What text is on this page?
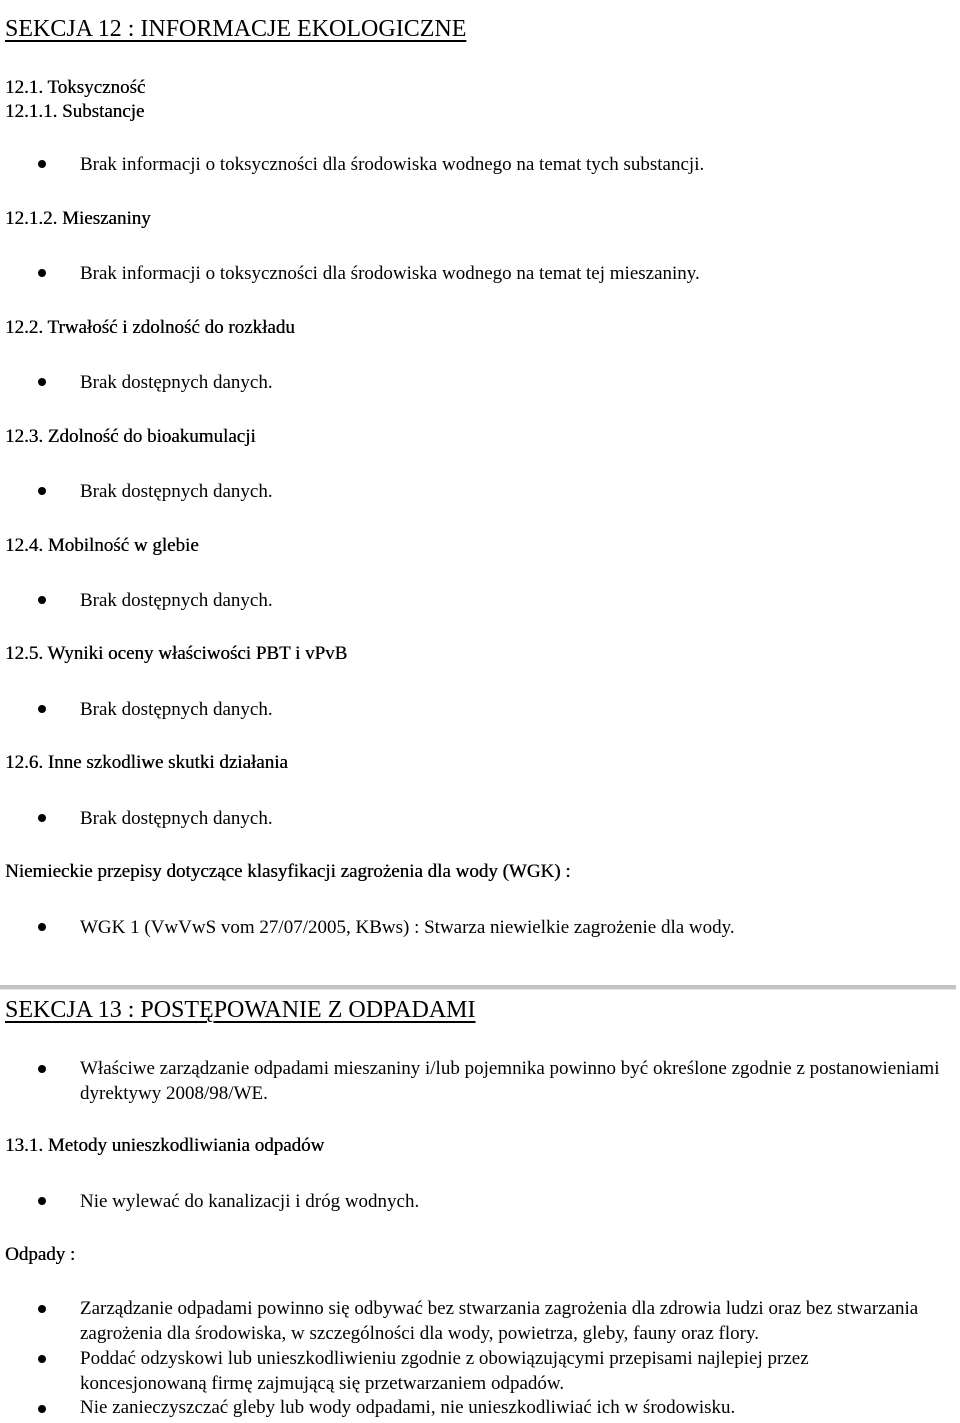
SEKCJA 12 : INFORMACJE EKOLOGICZNE
12.1. Toksyczność
12.1.1. Substancje
Brak informacji o toksyczności dla środowiska wodnego na temat tych substancji.
12.1.2. Mieszaniny
Brak informacji o toksyczności dla środowiska wodnego na temat tej mieszaniny.
12.2. Trwałość i zdolność do rozkładu
Brak dostępnych danych.
12.3. Zdolność do bioakumulacji
Brak dostępnych danych.
12.4. Mobilność w glebie
Brak dostępnych danych.
12.5. Wyniki oceny właściwości PBT i vPvB
Brak dostępnych danych.
12.6. Inne szkodliwe skutki działania
Brak dostępnych danych.
Niemieckie przepisy dotyczące klasyfikacji zagrożenia dla wody (WGK) :
WGK 1 (VwVwS vom 27/07/2005, KBws) : Stwarza niewielkie zagrożenie dla wody.
SEKCJA 13 : POSTĘPOWANIE Z ODPADAMI
Właściwe zarządzanie odpadami mieszaniny i/lub pojemnika powinno być określone zgodnie z postanowieniami dyrektywy 2008/98/WE.
13.1. Metody unieszkodliwiania odpadów
Nie wylewać do kanalizacji i dróg wodnych.
Odpady :
Zarządzanie odpadami powinno się odbywać bez stwarzania zagrożenia dla zdrowia ludzi oraz bez stwarzania zagrożenia dla środowiska, w szczególności dla wody, powietrza, gleby, fauny oraz flory.
Poddać odzyskowi lub unieszkodliwieniu zgodnie z obowiązującymi przepisami najlepiej przez koncesjonowaną firmę zajmującą się przetwarzaniem odpadów.
Nie zanieczyszczać gleby lub wody odpadami, nie unieszkodliwiać ich w środowisku.
